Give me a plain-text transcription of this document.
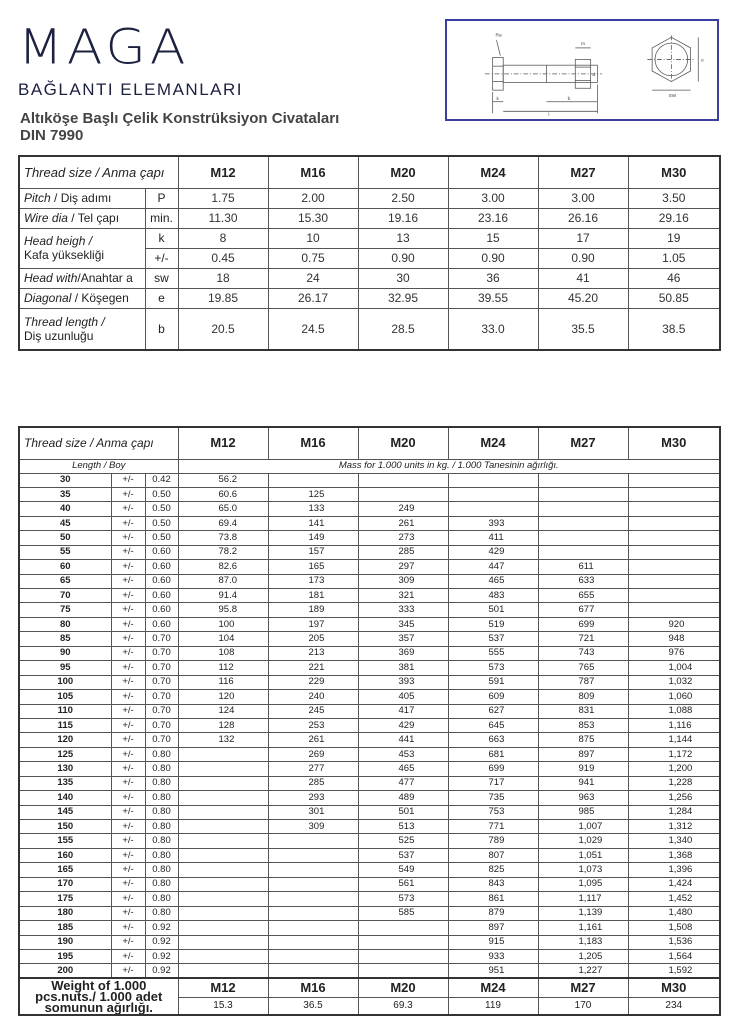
MAGA
BAĞLANTI ELEMANLARI
Altıköşe Başlı Çelik Konstrüksiyon Civataları
DIN 7990
Ra
m
d
k	b
l
SW
e
Thread size / Anma çapı		M12	M16	M20	M24	M27	M30
Pitch / Diş adımı	P	1.75	2.00	2.50	3.00	3.00	3.50
Wire dia / Tel çapı	min.	11.30	15.30	19.16	23.16	26.16	29.16
Head heigh /
Kafa yüksekliği	k	8	10	13	15	17	19
	+/-	0.45	0.75	0.90	0.90	0.90	1.05
Head with/Anahtar a	sw	18	24	30	36	41	46
Diagonal / Köşegen	e	19.85	26.17	32.95	39.55	45.20	50.85
Thread length /
Diş uzunluğu	b	20.5	24.5	28.5	33.0	35.5	38.5
Thread size / Anma çapı			M12	M16	M20	M24	M27	M30
Length / Boy			Mass for 1.000 units in kg. / 1.000 Tanesinin ağırlığı.					
30	+/-	0.42	56.2					
35	+/-	0.50	60.6	125				
40	+/-	0.50	65.0	133	249			
45	+/-	0.50	69.4	141	261	393		
50	+/-	0.50	73.8	149	273	411		
55	+/-	0.60	78.2	157	285	429		
60	+/-	0.60	82.6	165	297	447	611	
65	+/-	0.60	87.0	173	309	465	633	
70	+/-	0.60	91.4	181	321	483	655	
75	+/-	0.60	95.8	189	333	501	677	
80	+/-	0.60	100	197	345	519	699	920
85	+/-	0.70	104	205	357	537	721	948
90	+/-	0.70	108	213	369	555	743	976
95	+/-	0.70	112	221	381	573	765	1,004
100	+/-	0.70	116	229	393	591	787	1,032
105	+/-	0.70	120	240	405	609	809	1,060
110	+/-	0.70	124	245	417	627	831	1,088
115	+/-	0.70	128	253	429	645	853	1,116
120	+/-	0.70	132	261	441	663	875	1,144
125	+/-	0.80		269	453	681	897	1,172
130	+/-	0.80		277	465	699	919	1,200
135	+/-	0.80		285	477	717	941	1,228
140	+/-	0.80		293	489	735	963	1,256
145	+/-	0.80		301	501	753	985	1,284
150	+/-	0.80		309	513	771	1,007	1,312
155	+/-	0.80			525	789	1,029	1,340
160	+/-	0.80			537	807	1,051	1,368
165	+/-	0.80			549	825	1,073	1,396
170	+/-	0.80			561	843	1,095	1,424
175	+/-	0.80			573	861	1,117	1,452
180	+/-	0.80			585	879	1,139	1,480
185	+/-	0.92				897	1,161	1,508
190	+/-	0.92				915	1,183	1,536
195	+/-	0.92				933	1,205	1,564
200	+/-	0.92				951	1,227	1,592
Weight of 1.000 pcs.nuts./ 1.000 adet somunun ağırlığı.			M12	M16	M20	M24	M27	M30
			15.3	36.5	69.3	119	170	234
